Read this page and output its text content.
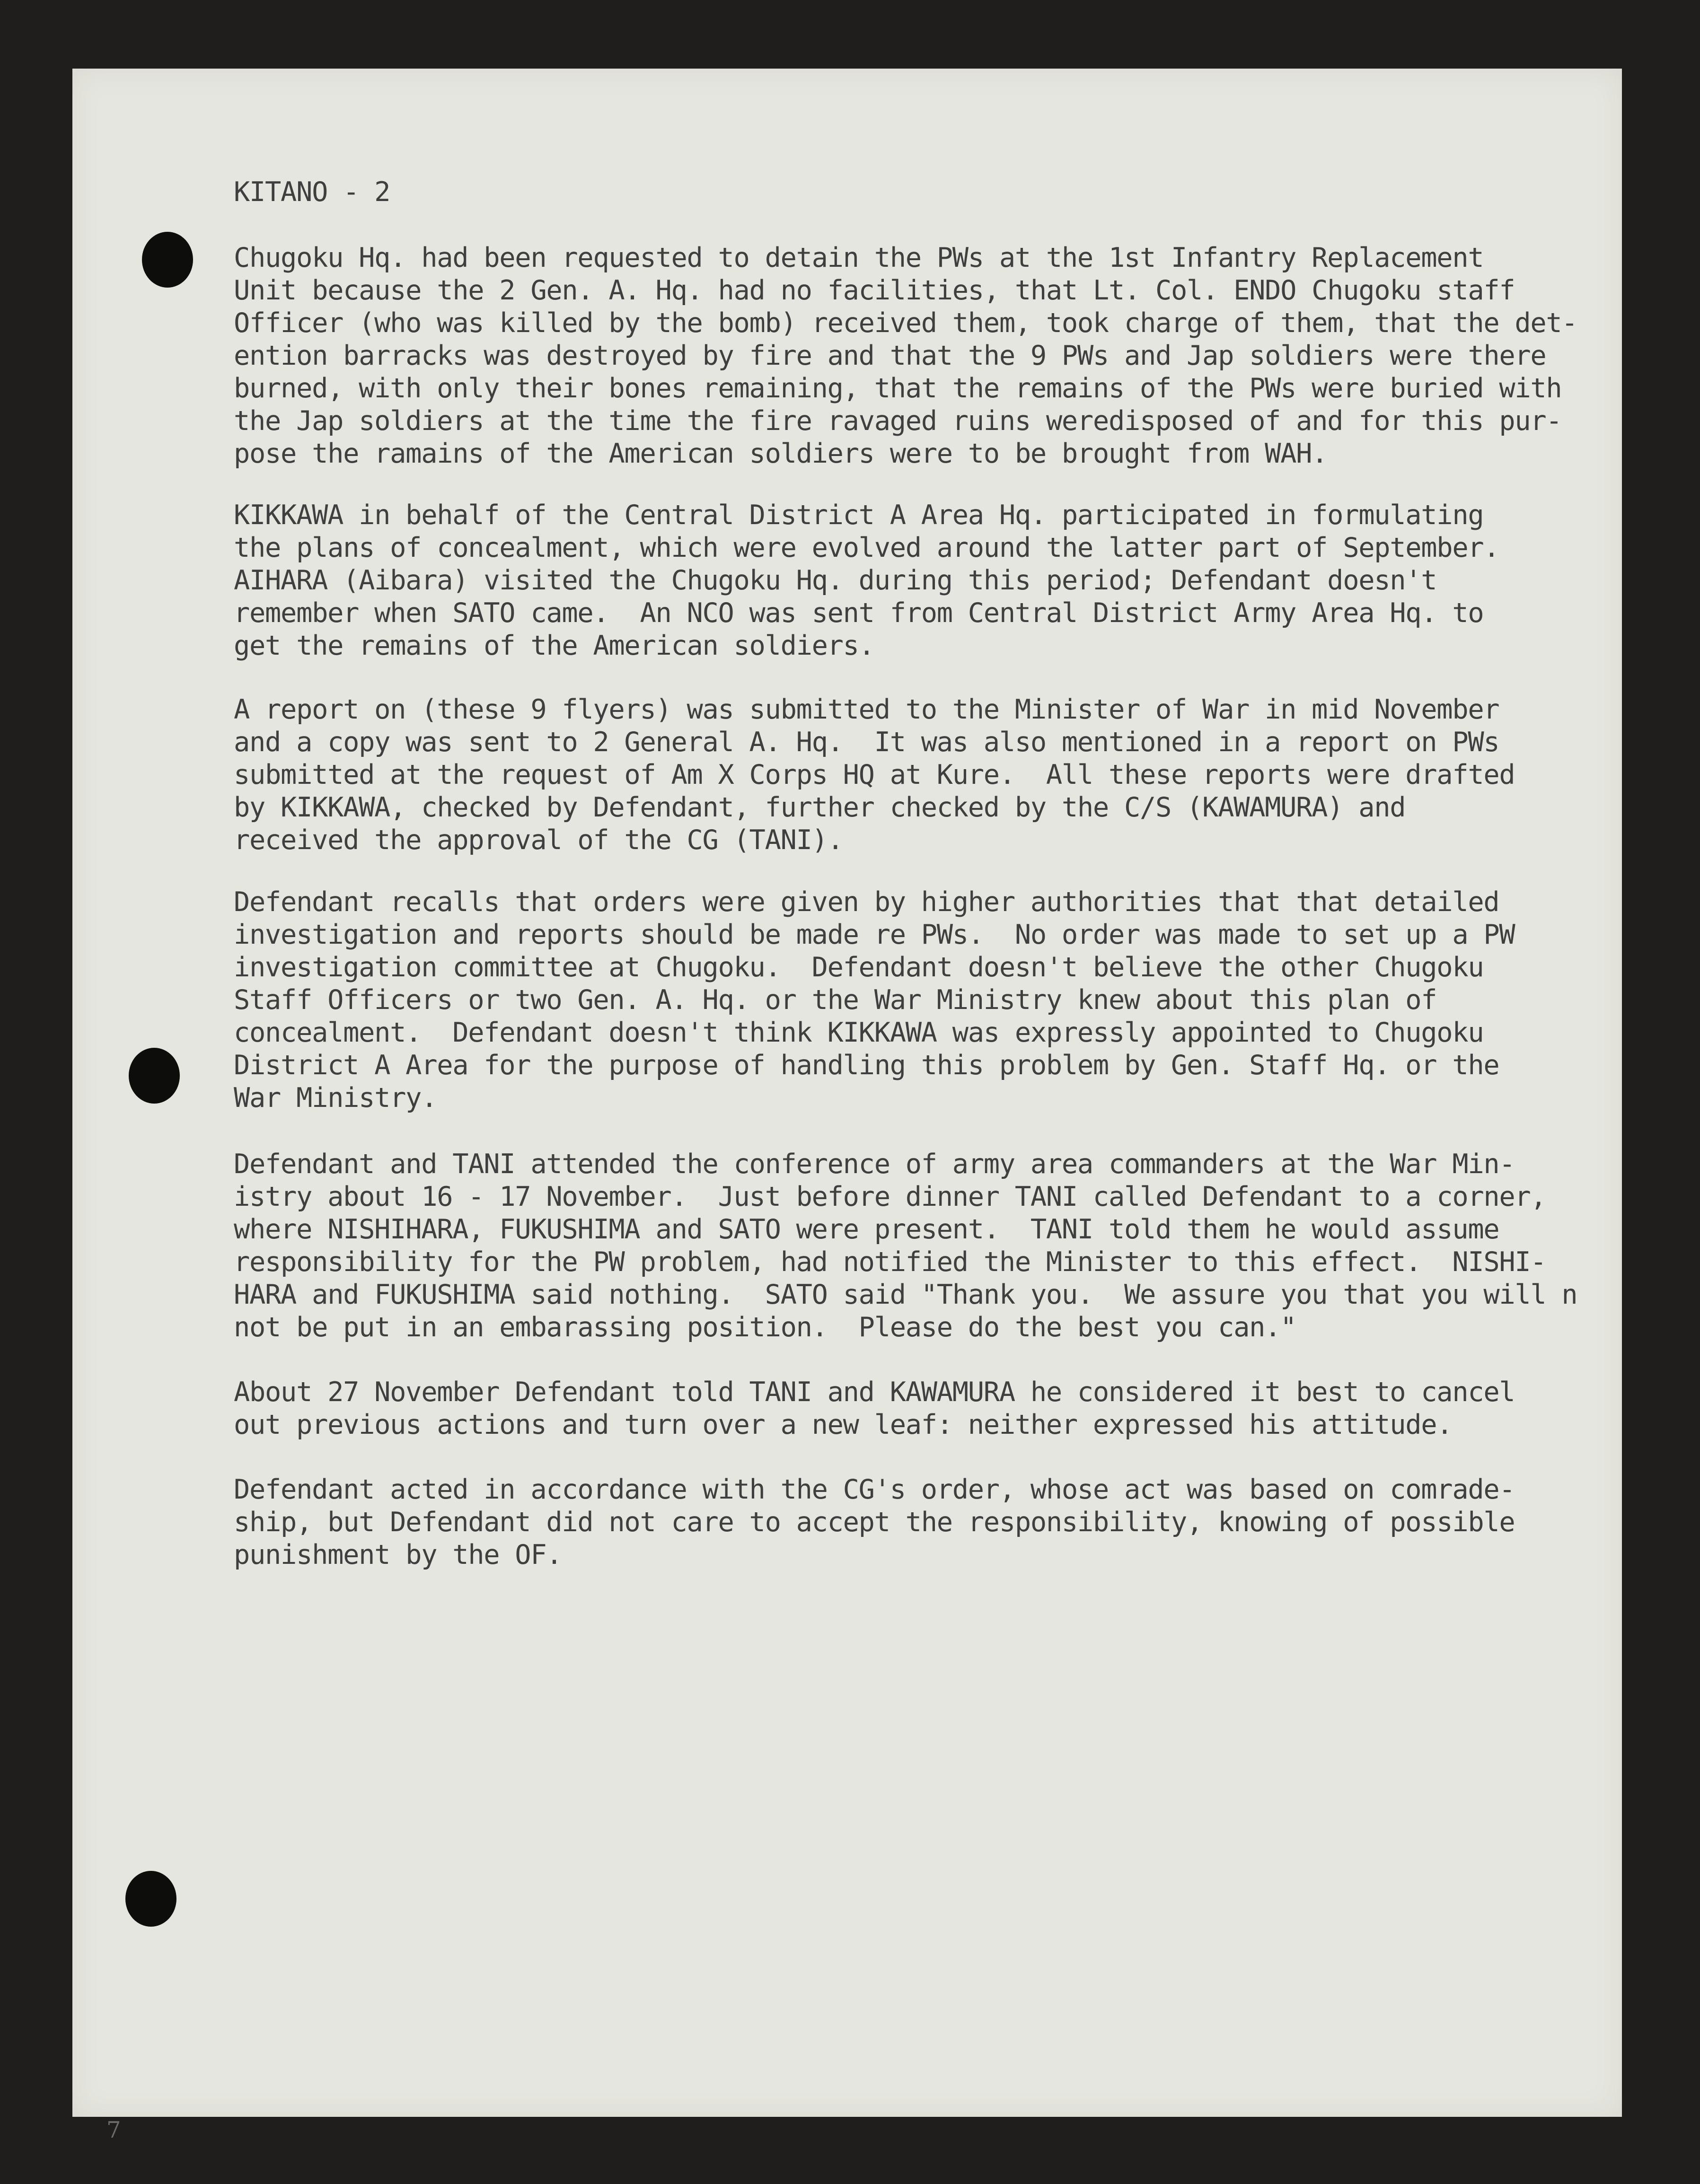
KITANO - 2
Chugoku Hq. had been requested to detain the PWs at the 1st Infantry Replacement
Unit because the 2 Gen. A. Hq. had no facilities, that Lt. Col. ENDO Chugoku staff
Officer (who was killed by the bomb) received them, took charge of them, that the det-
ention barracks was destroyed by fire and that the 9 PWs and Jap soldiers were there
burned, with only their bones remaining, that the remains of the PWs were buried with
the Jap soldiers at the time the fire ravaged ruins weredisposed of and for this pur-
pose the ramains of the American soldiers were to be brought from WAH.
KIKKAWA in behalf of the Central District A Area Hq. participated in formulating
the plans of concealment, which were evolved around the latter part of September.
AIHARA (Aibara) visited the Chugoku Hq. during this period; Defendant doesn't
remember when SATO came.  An NCO was sent from Central District Army Area Hq. to
get the remains of the American soldiers.
A report on (these 9 flyers) was submitted to the Minister of War in mid November
and a copy was sent to 2 General A. Hq.  It was also mentioned in a report on PWs
submitted at the request of Am X Corps HQ at Kure.  All these reports were drafted
by KIKKAWA, checked by Defendant, further checked by the C/S (KAWAMURA) and
received the approval of the CG (TANI).
Defendant recalls that orders were given by higher authorities that that detailed
investigation and reports should be made re PWs.  No order was made to set up a PW
investigation committee at Chugoku.  Defendant doesn't believe the other Chugoku
Staff Officers or two Gen. A. Hq. or the War Ministry knew about this plan of
concealment.  Defendant doesn't think KIKKAWA was expressly appointed to Chugoku
District A Area for the purpose of handling this problem by Gen. Staff Hq. or the
War Ministry.
Defendant and TANI attended the conference of army area commanders at the War Min-
istry about 16 - 17 November.  Just before dinner TANI called Defendant to a corner,
where NISHIHARA, FUKUSHIMA and SATO were present.  TANI told them he would assume
responsibility for the PW problem, had notified the Minister to this effect.  NISHI-
HARA and FUKUSHIMA said nothing.  SATO said "Thank you.  We assure you that you will n
not be put in an embarassing position.  Please do the best you can."
About 27 November Defendant told TANI and KAWAMURA he considered it best to cancel
out previous actions and turn over a new leaf: neither expressed his attitude.
Defendant acted in accordance with the CG's order, whose act was based on comrade-
ship, but Defendant did not care to accept the responsibility, knowing of possible
punishment by the OF.
7
